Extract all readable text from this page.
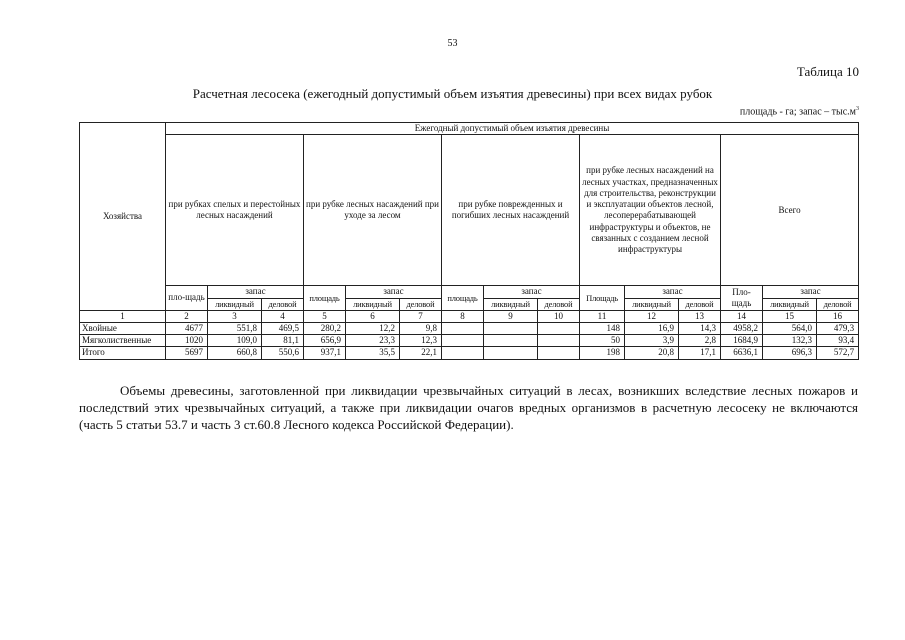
53
Таблица 10
Расчетная лесосека (ежегодный допустимый объем изъятия древесины) при всех видах рубок
площадь - га; запас – $тыс.м^3$
Хозяйства	Ежегодный допустимый объем изъятия древесины														
	при рубках спелых и перестойных лесных насаждений			при рубке лесных насаждений при уходе за лесом			при рубке поврежденных и погибших лесных насаждений			при рубке лесных насаждений на лесных участках, предназначенных для строительства, реконструкции и эксплуатации объектов лесной, лесоперерабатывающей инфраструктуры и объектов, не связанных с созданием лесной инфраструктуры			Всего		
	пло-щадь	запас		площадь	запас		площадь	запас		Площадь	запас		Пло-щадь	запас	
		ликвидный	деловой		ликвидный	деловой		ликвидный	деловой		ликвидный	деловой		ликвидный	деловой
1	2	3	4	5	6	7	8	9	10	11	12	13	14	15	16
Хвойные	4677	551,8	469,5	280,2	12,2	9,8				148	16,9	14,3	4958,2	564,0	479,3
Мягколиственные	1020	109,0	81,1	656,9	23,3	12,3				50	3,9	2,8	1684,9	132,3	93,4
Итого	5697	660,8	550,6	937,1	35,5	22,1				198	20,8	17,1	6636,1	696,3	572,7
Объемы древесины, заготовленной при ликвидации чрезвычайных ситуаций в лесах, возникших вследствие лесных пожаров и последствий этих чрезвычайных ситуаций, а также при ликвидации очагов вредных организмов в расчетную лесосеку не включаются (часть 5 статьи 53.7 и часть 3 ст.60.8 Лесного кодекса Российской Федерации).
